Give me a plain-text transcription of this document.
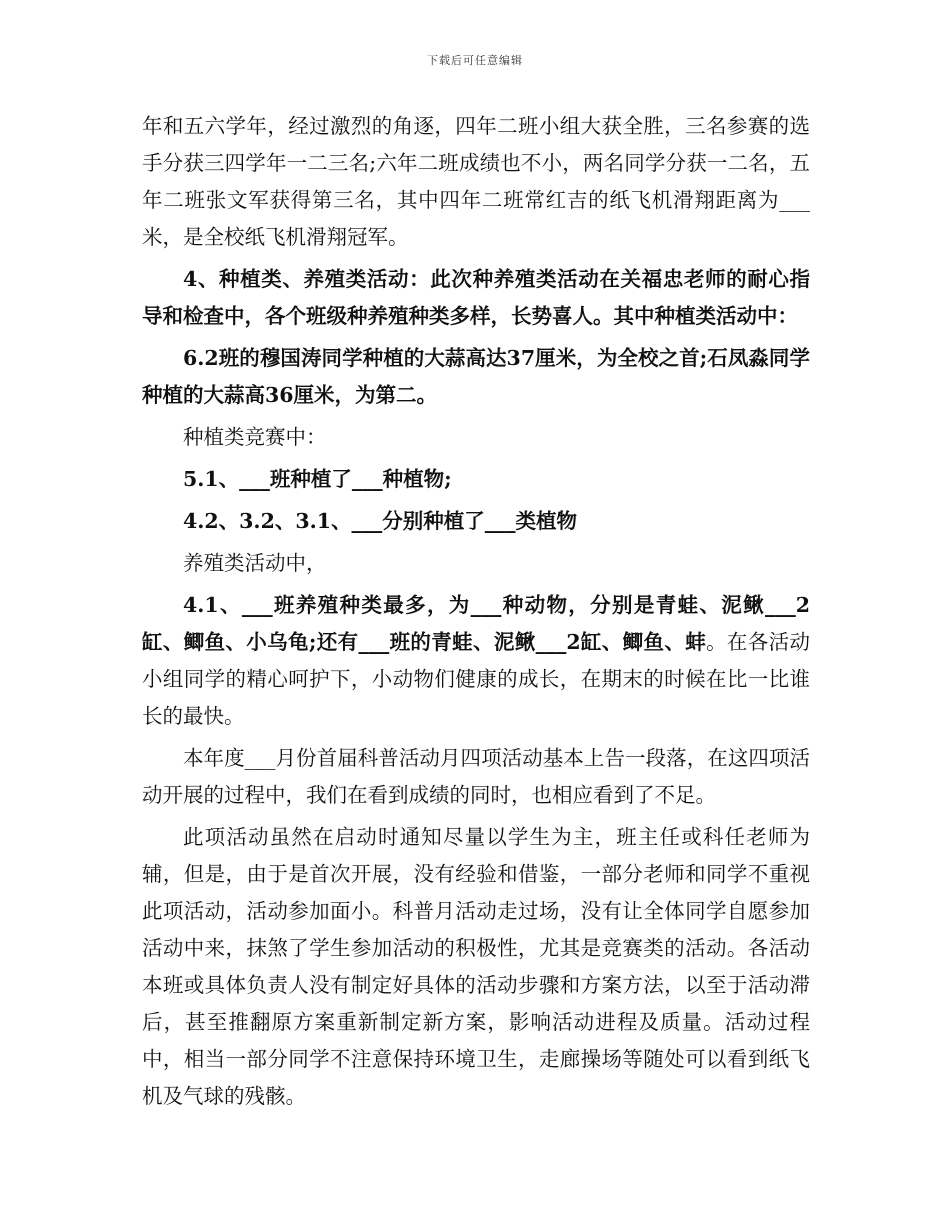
下载后可任意编辑

年和五六学年，经过激烈的角逐，四年二班小组大获全胜，三名参赛的选手分获三四学年一二三名;六年二班成绩也不小，两名同学分获一二名，五年二班张文军获得第三名，其中四年二班常红吉的纸飞机滑翔距离为___米，是全校纸飞机滑翔冠军。

4、种植类、养殖类活动：此次种养殖类活动在关福忠老师的耐心指导和检查中，各个班级种养殖种类多样，长势喜人。其中种植类活动中：

6.2班的穆国涛同学种植的大蒜高达37厘米，为全校之首;石凤淼同学种植的大蒜高36厘米，为第二。

种植类竞赛中：

5.1、___班种植了___种植物;

4.2、3.2、3.1、___分别种植了___类植物

养殖类活动中，

4.1、___班养殖种类最多，为___种动物，分别是青蛙、泥鳅___2缸、鲫鱼、小乌龟;还有___班的青蛙、泥鳅___2缸、鲫鱼、蚌。在各活动小组同学的精心呵护下，小动物们健康的成长，在期末的时候在比一比谁长的最快。

本年度___月份首届科普活动月四项活动基本上告一段落，在这四项活动开展的过程中，我们在看到成绩的同时，也相应看到了不足。

此项活动虽然在启动时通知尽量以学生为主，班主任或科任老师为辅，但是，由于是首次开展，没有经验和借鉴，一部分老师和同学不重视此项活动，活动参加面小。科普月活动走过场，没有让全体同学自愿参加活动中来，抹煞了学生参加活动的积极性，尤其是竞赛类的活动。各活动本班或具体负责人没有制定好具体的活动步骤和方案方法，以至于活动滞后，甚至推翻原方案重新制定新方案，影响活动进程及质量。活动过程中，相当一部分同学不注意保持环境卫生，走廊操场等随处可以看到纸飞机及气球的残骸。
